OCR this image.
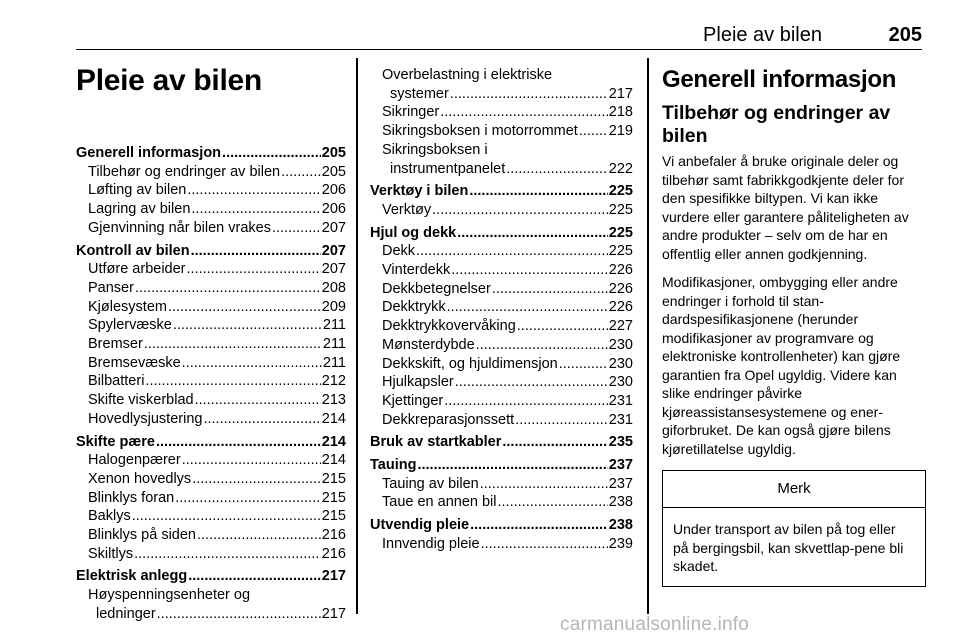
Pleie av bilen	205
Pleie av bilen
Generell informasjon .....	205
Tilbehør og endringer av bilen .....	205
Løfting av bilen .....	206
Lagring av bilen .....	206
Gjenvinning når bilen vrakes .....	207
Kontroll av bilen .....	207
Utføre arbeider .....	207
Panser .....	208
Kjølesystem .....	209
Spylervæske .....	211
Bremser .....	211
Bremsevæske .....	211
Bilbatteri .....	212
Skifte viskerblad .....	213
Hovedlysjustering .....	214
Skifte pære .....	214
Halogenpærer .....	214
Xenon hovedlys .....	215
Blinklys foran .....	215
Baklys .....	215
Blinklys på siden .....	216
Skiltlys .....	216
Elektrisk anlegg .....	217
Høyspenningsenheter og
ledninger .....	217
Overbelastning i elektriske
systemer .....	217
Sikringer .....	218
Sikringsboksen i motorrommet ..... 219
Sikringsboksen i
instrumentpanelet .....	222
Verktøy i bilen .....	225
Verktøy .....	225
Hjul og dekk .....	225
Dekk .....	225
Vinterdekk .....	226
Dekkbetegnelser .....	226
Dekktrykk .....	226
Dekktrykkovervåking .....	227
Mønsterdybde .....	230
Dekkskift, og hjuldimensjon .....	230
Hjulkapsler .....	230
Kjettinger .....	231
Dekkreparasjonssett .....	231
Bruk av startkabler .....	235
Tauing .....	237
Tauing av bilen .....	237
Taue en annen bil .....	238
Utvendig pleie .....	238
Innvendig pleie .....	239
Generell informasjon
Tilbehør og endringer av bilen

Vi anbefaler å bruke originale deler og tilbehør samt fabrikkgodkjente deler for den spesifikke biltypen. Vi kan ikke vurdere eller garantere påliteligheten av andre produkter – selv om de har en offentlig eller annen godkjenning.

Modifikasjoner, ombygging eller andre endringer i forhold til stan-dardspesifikasjonene (herunder modifikasjoner av programvare og elektroniske kontrollenheter) kan gjøre garantien fra Opel ugyldig. Videre kan slike endringer påvirke kjøreassistansesystemene og ener-giforbruket. De kan også gjøre bilens kjøretillatelse ugyldig.

Merk
Under transport av bilen på tog eller på bergingsbil, kan skvettlap-pene bli skadet.
carmanualsonline.info
